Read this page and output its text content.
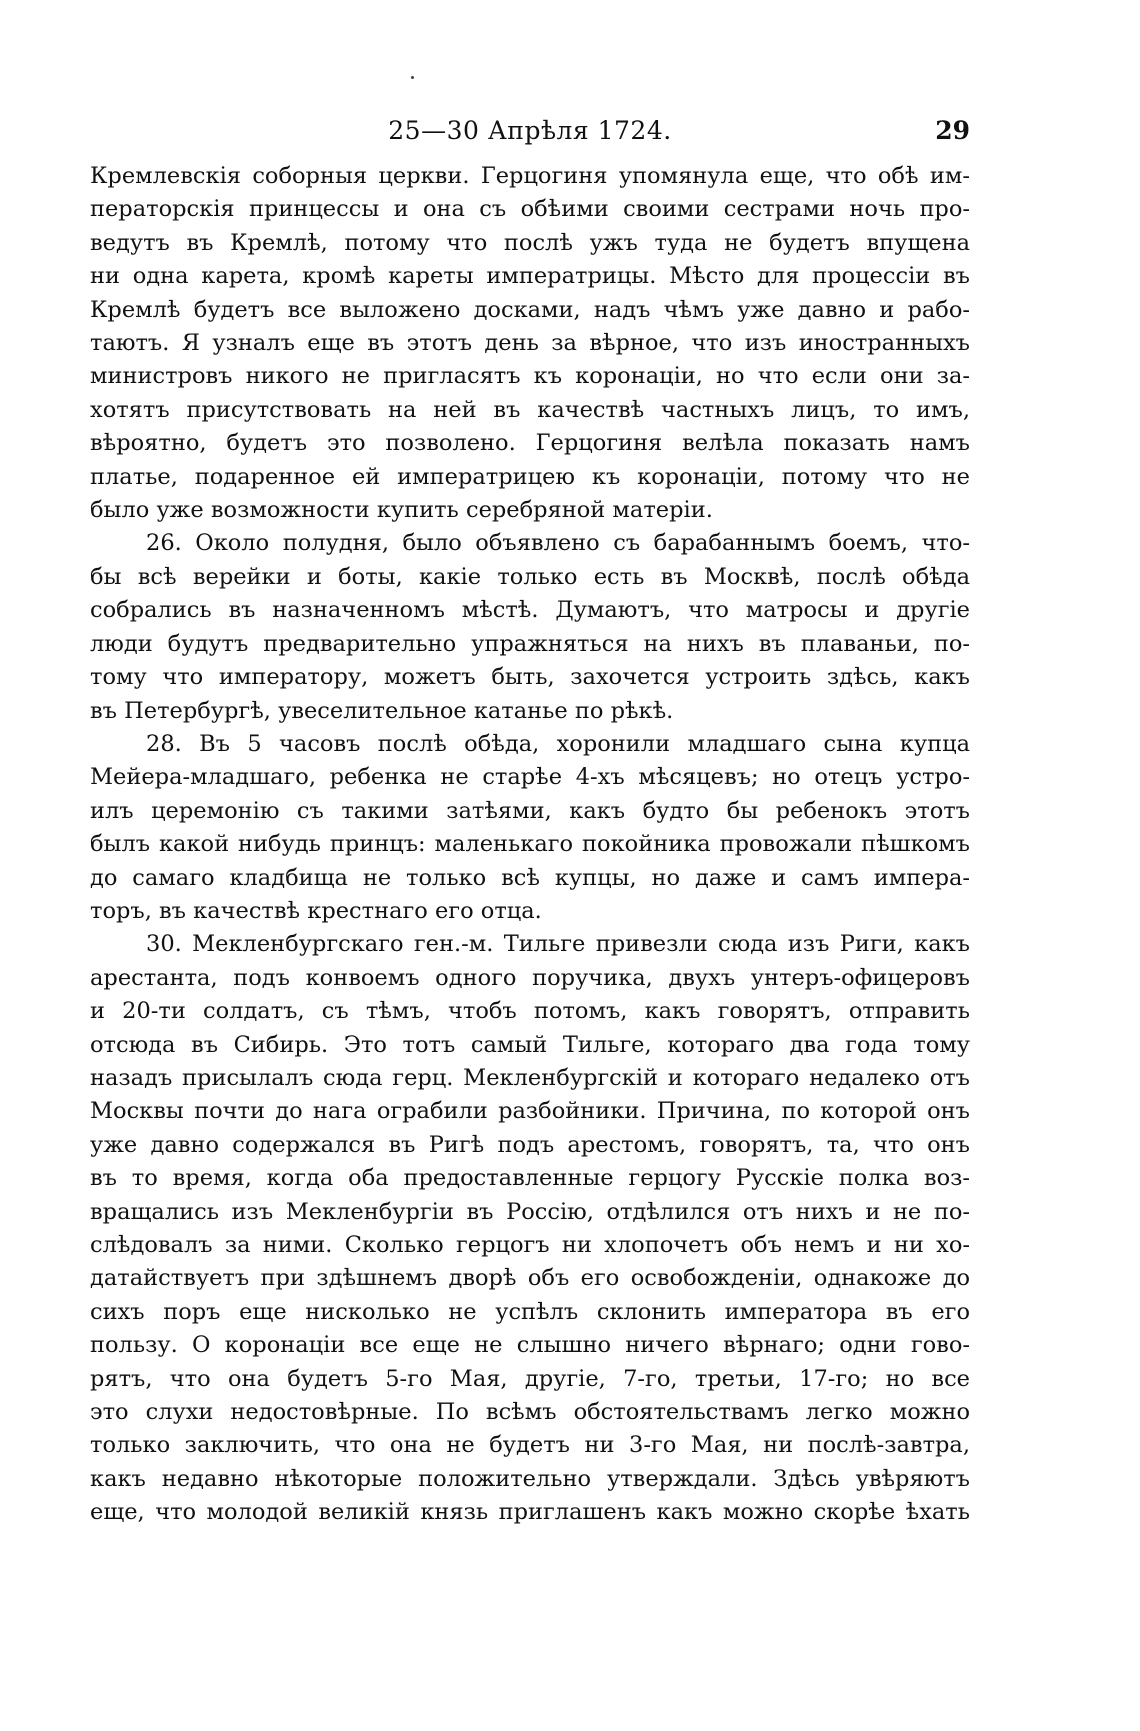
25—30 Апрѣля 1724.	29
Кремлевскія соборныя церкви. Герцогиня упомянула еще, что обѣ им-
ператорскія принцессы и она съ обѣими своими сестрами ночь про-
ведутъ въ Кремлѣ, потому что послѣ ужъ туда не будетъ впущена
ни одна карета, кромѣ кареты императрицы. Мѣсто для процессіи въ
Кремлѣ будетъ все выложено досками, надъ чѣмъ уже давно и рабо-
таютъ. Я узналъ еще въ этотъ день за вѣрное, что изъ иностранныхъ
министровъ никого не пригласятъ къ коронаціи, но что если они за-
хотятъ присутствовать на ней въ качествѣ частныхъ лицъ, то имъ,
вѣроятно, будетъ это позволено. Герцогиня велѣла показать намъ
платье, подаренное ей императрицею къ коронаціи, потому что не
было уже возможности купить серебряной матеріи.
26. Около полудня, было объявлено съ барабаннымъ боемъ, что-
бы всѣ верейки и боты, какіе только есть въ Москвѣ, послѣ обѣда
собрались въ назначенномъ мѣстѣ. Думаютъ, что матросы и другіе
люди будутъ предварительно упражняться на нихъ въ плаваньи, по-
тому что императору, можетъ быть, захочется устроить здѣсь, какъ
въ Петербургѣ, увеселительное катанье по рѣкѣ.
28. Въ 5 часовъ послѣ обѣда, хоронили младшаго сына купца
Мейера-младшаго, ребенка не старѣе 4-хъ мѣсяцевъ; но отецъ устро-
илъ церемонію съ такими затѣями, какъ будто бы ребенокъ этотъ
былъ какой нибудь принцъ: маленькаго покойника провожали пѣшкомъ
до самаго кладбища не только всѣ купцы, но даже и самъ импера-
торъ, въ качествѣ крестнаго его отца.
30. Мекленбургскаго ген.-м. Тильге привезли сюда изъ Риги, какъ
арестанта, подъ конвоемъ одного поручика, двухъ унтеръ-офицеровъ
и 20-ти солдатъ, съ тѣмъ, чтобъ потомъ, какъ говорятъ, отправить
отсюда въ Сибирь. Это тотъ самый Тильге, котораго два года тому
назадъ присылалъ сюда герц. Мекленбургскій и котораго недалеко отъ
Москвы почти до нага ограбили разбойники. Причина, по которой онъ
уже давно содержался въ Ригѣ подъ арестомъ, говорятъ, та, что онъ
въ то время, когда оба предоставленные герцогу Русскіе полка воз-
вращались изъ Мекленбургіи въ Россію, отдѣлился отъ нихъ и не по-
слѣдовалъ за ними. Сколько герцогъ ни хлопочетъ объ немъ и ни хо-
датайствуетъ при здѣшнемъ дворѣ объ его освобожденіи, однакоже до
сихъ поръ еще нисколько не успѣлъ склонить императора въ его
пользу. О коронаціи все еще не слышно ничего вѣрнаго; одни гово-
рятъ, что она будетъ 5-го Мая, другіе, 7-го, третьи, 17-го; но все
это слухи недостовѣрные. По всѣмъ обстоятельствамъ легко можно
только заключить, что она не будетъ ни 3-го Мая, ни послѣ-завтра,
какъ недавно нѣкоторые положительно утверждали. Здѣсь увѣряютъ
еще, что молодой великій князь приглашенъ какъ можно скорѣе ѣхать
